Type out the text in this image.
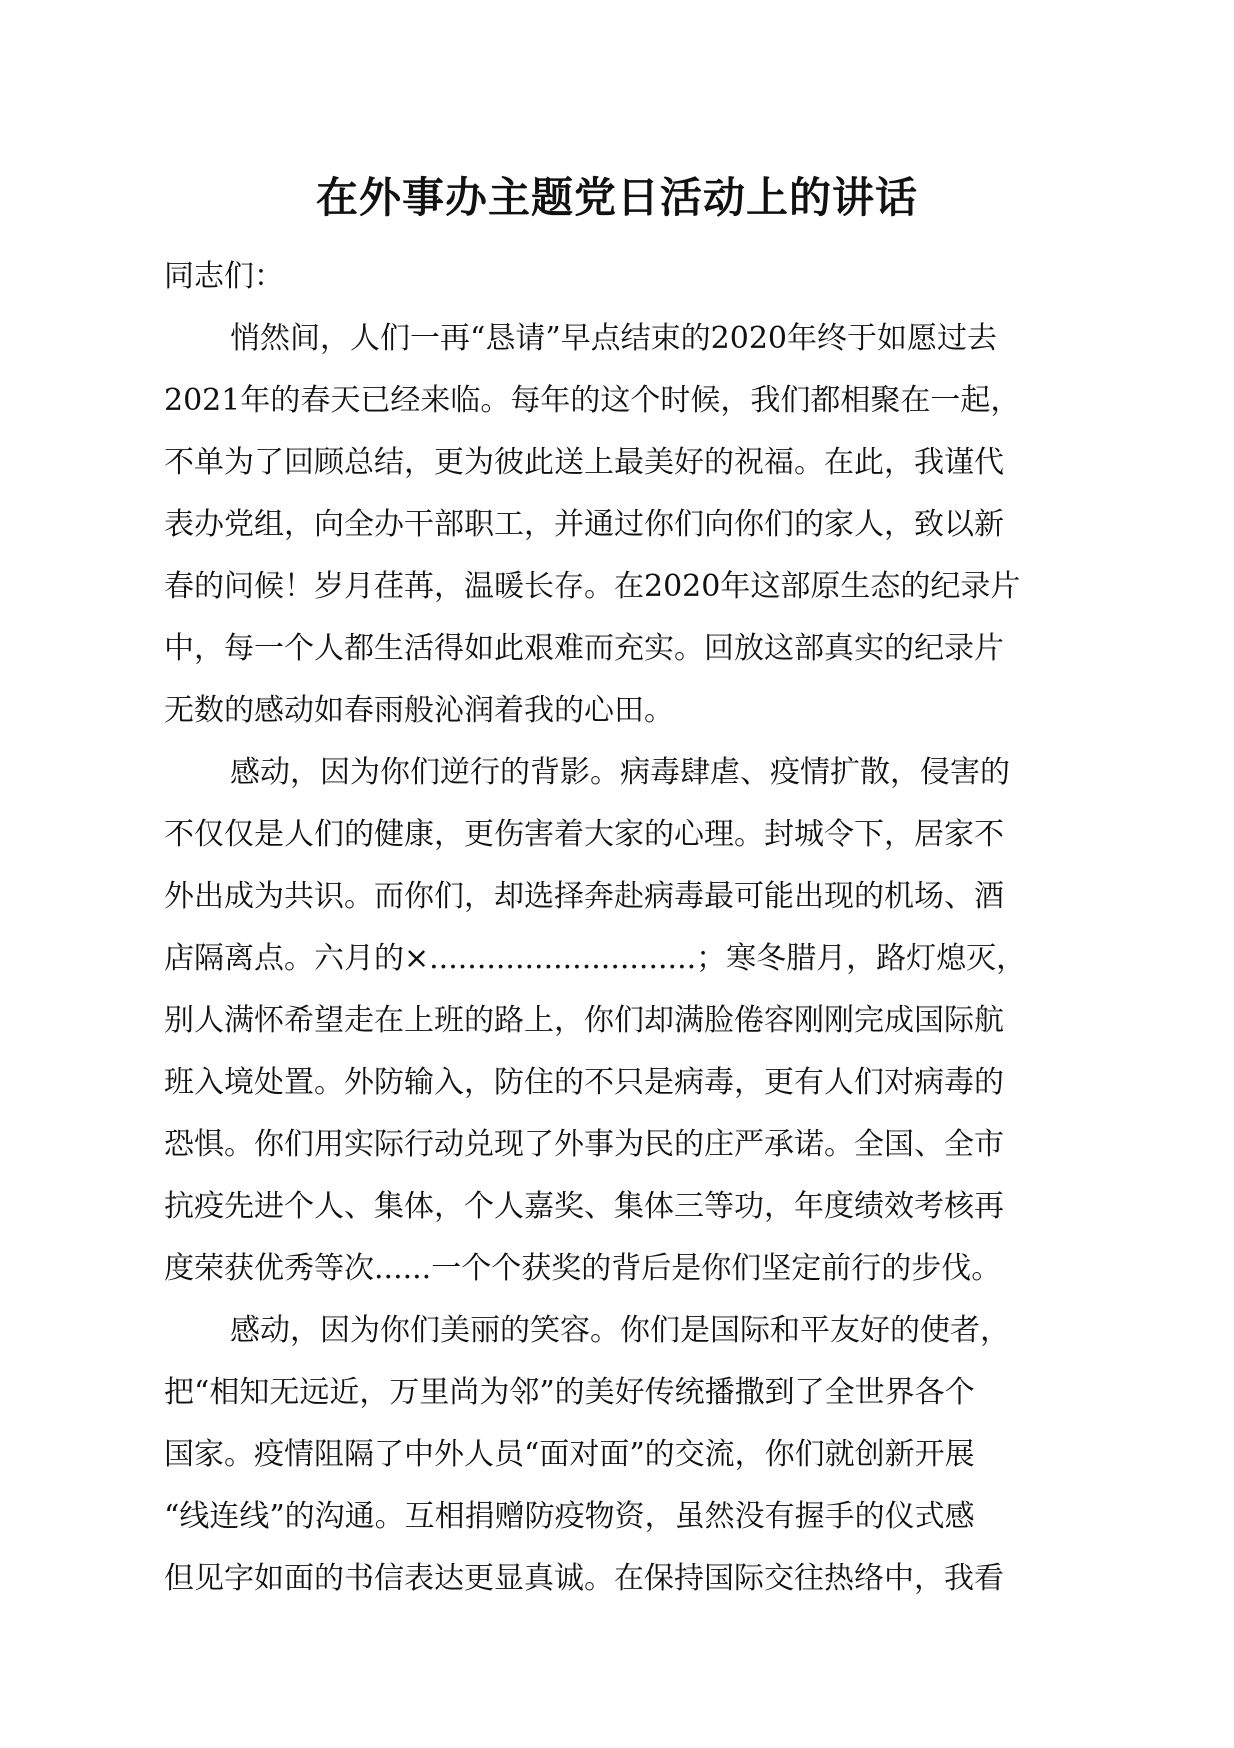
在外事办主题党日活动上的讲话
同志们：
悄然间，人们一再“恳请”早点结束的2020年终于如愿过去
2021年的春天已经来临。每年的这个时候，我们都相聚在一起，
不单为了回顾总结，更为彼此送上最美好的祝福。在此，我谨代
表办党组，向全办干部职工，并通过你们向你们的家人，致以新
春的问候！岁月荏苒，温暖长存。在2020年这部原生态的纪录片
中，每一个人都生活得如此艰难而充实。回放这部真实的纪录片
无数的感动如春雨般沁润着我的心田。
感动，因为你们逆行的背影。病毒肆虐、疫情扩散，侵害的
不仅仅是人们的健康，更伤害着大家的心理。封城令下，居家不
外出成为共识。而你们，却选择奔赴病毒最可能出现的机场、酒
店隔离点。六月的×............................；寒冬腊月，路灯熄灭，
别人满怀希望走在上班的路上，你们却满脸倦容刚刚完成国际航
班入境处置。外防输入，防住的不只是病毒，更有人们对病毒的
恐惧。你们用实际行动兑现了外事为民的庄严承诺。全国、全市
抗疫先进个人、集体，个人嘉奖、集体三等功，年度绩效考核再
度荣获优秀等次......一个个获奖的背后是你们坚定前行的步伐。
感动，因为你们美丽的笑容。你们是国际和平友好的使者，
把“相知无远近，万里尚为邻”的美好传统播撒到了全世界各个
国家。疫情阻隔了中外人员“面对面”的交流，你们就创新开展
“线连线”的沟通。互相捐赠防疫物资，虽然没有握手的仪式感
但见字如面的书信表达更显真诚。在保持国际交往热络中，我看
